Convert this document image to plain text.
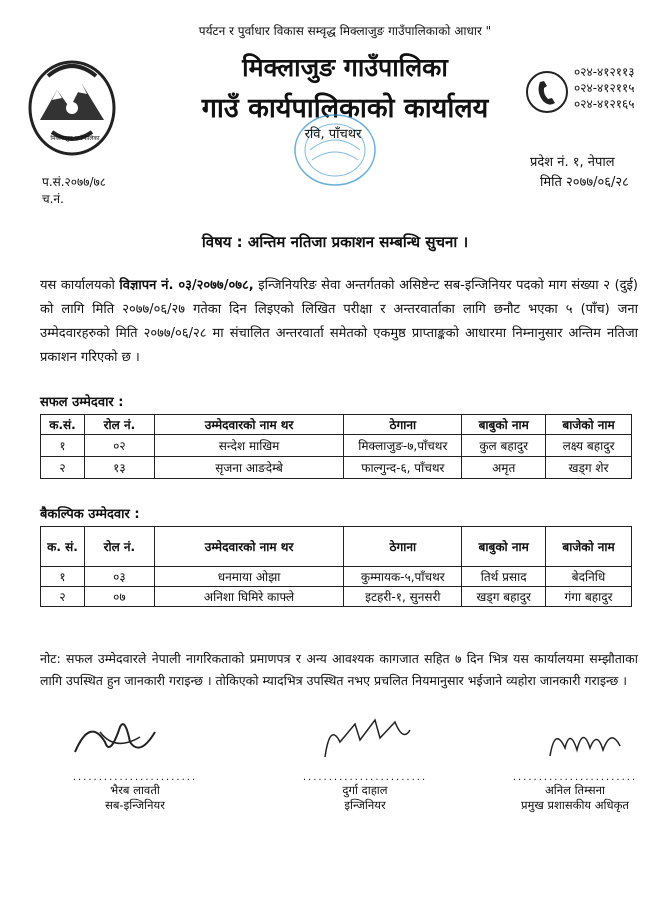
पर्यटन र पुर्वाधार विकास सम्वृद्ध मिक्लाजुङ गाउँपालिकाको आधार "
मिक्लाजुङ गाउँपालिका
मिक्लाजुङ गाउँपालिका
गाउँ कार्यपालिकाको कार्यालय
रवि, पाँचथर
०२४-४१२११३
०२४-४१२११५
०२४-४१२१६५
प्रदेश नं. १, नेपाल
मिति २०७७/०६/२८
प.सं.२०७७/७८
च.नं.
विषय : अन्तिम नतिजा प्रकाशन सम्बन्धि सुचना ।
यस कार्यालयको विज्ञापन नं. ०३/२०७७/०७८, इन्जिनियरिङ सेवा अन्तर्गतको असिष्टेन्ट सब-इन्जिनियर पदको माग संख्या २ (दुई) को लागि मिति २०७७/०६/२७ गतेका दिन लिइएको लिखित परीक्षा र अन्तरवार्ताका लागि छनौट भएका ५ (पाँच) जना उम्मेदवारहरुको मिति २०७७/०६/२८ मा संचालित अन्तरवार्ता समेतको एकमुष्ठ प्राप्ताङ्कको आधारमा निम्नानुसार अन्तिम नतिजा प्रकाशन गरिएको छ ।
सफल उम्मेदवार :
क.सं.	रोल नं.	उम्मेदवारको नाम थर	ठेगाना	बाबुको नाम	बाजेको नाम
१	०२	सन्देश माखिम	मिक्लाजुङ-७,पाँचथर	कुल बहादुर	लक्ष्य बहादुर
२	१३	सृजना आङदेम्बे	फाल्गुन्द-६, पाँचथर	अमृत	खड्ग शेर
बैकल्पिक उम्मेदवार :
क. सं.	रोल नं.	उम्मेदवारको नाम थर	ठेगाना	बाबुको नाम	बाजेको नाम
१	०३	धनमाया ओझा	कुम्मायक-५,पाँचथर	तिर्थ प्रसाद	बेदनिधि
२	०७	अनिशा घिमिरे काफ्ले	इटहरी-१, सुनसरी	खड्ग बहादुर	गंगा बहादुर
नोट: सफल उम्मेदवारले नेपाली नागरिकताको प्रमाणपत्र र अन्य आवश्यक कागजात सहित ७ दिन भित्र यस कार्यालयमा सम्झौताका लागि उपस्थित हुन जानकारी गराइन्छ । तोकिएको म्यादभित्र उपस्थित नभए प्रचलित नियमानुसार भईजाने व्यहोरा जानकारी गराइन्छ ।
........................
भैरब लावती
सब-इन्जिनियर
........................
दुर्गा दाहाल
इन्जिनियर
........................
अनिल तिम्सना
प्रमुख प्रशासकीय अधिकृत
